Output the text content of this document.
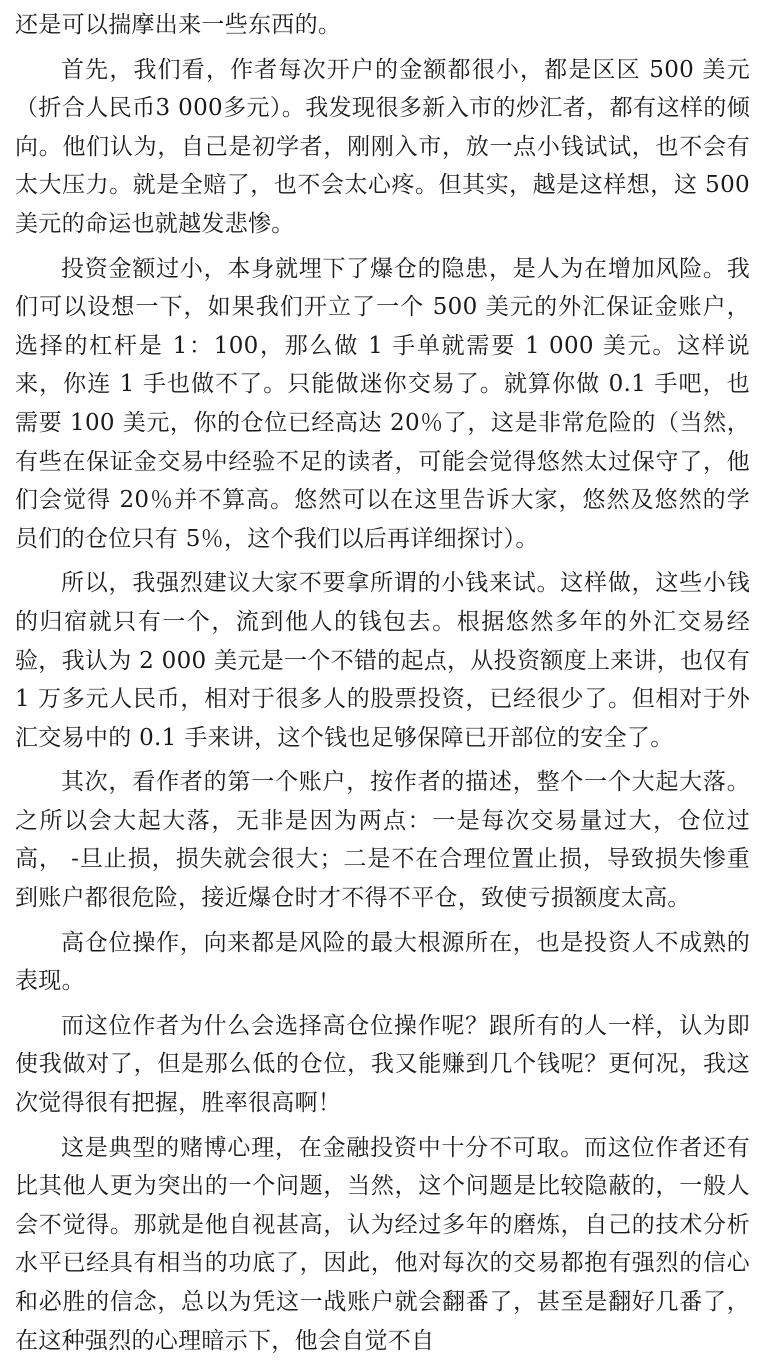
还是可以揣摩出来一些东西的。

首先，我们看，作者每次开户的金额都很小，都是区区 500 美元（折合人民币3 000多元）。我发现很多新入市的炒汇者，都有这样的倾向。他们认为，自己是初学者，刚刚入市，放一点小钱试试，也不会有太大压力。就是全赔了，也不会太心疼。但其实，越是这样想，这 500 美元的命运也就越发悲惨。

投资金额过小，本身就埋下了爆仓的隐患，是人为在增加风险。我们可以设想一下，如果我们开立了一个 500 美元的外汇保证金账户，选择的杠杆是 1：100，那么做 1 手单就需要 1 000 美元。这样说来，你连 1 手也做不了。只能做迷你交易了。就算你做 0.1 手吧，也需要 100 美元，你的仓位已经高达 20％了，这是非常危险的（当然，有些在保证金交易中经验不足的读者，可能会觉得悠然太过保守了，他们会觉得 20％并不算高。悠然可以在这里告诉大家，悠然及悠然的学员们的仓位只有 5％，这个我们以后再详细探讨）。

所以，我强烈建议大家不要拿所谓的小钱来试。这样做，这些小钱的归宿就只有一个，流到他人的钱包去。根据悠然多年的外汇交易经验，我认为 2 000 美元是一个不错的起点，从投资额度上来讲，也仅有 1 万多元人民币，相对于很多人的股票投资，已经很少了。但相对于外汇交易中的 0.1 手来讲，这个钱也足够保障已开部位的安全了。

其次，看作者的第一个账户，按作者的描述，整个一个大起大落。之所以会大起大落，无非是因为两点：一是每次交易量过大，仓位过高， -旦止损，损失就会很大；二是不在合理位置止损，导致损失惨重到账户都很危险，接近爆仓时才不得不平仓，致使亏损额度太高。

高仓位操作，向来都是风险的最大根源所在，也是投资人不成熟的表现。

而这位作者为什么会选择高仓位操作呢？跟所有的人一样，认为即使我做对了，但是那么低的仓位，我又能赚到几个钱呢？更何况，我这次觉得很有把握，胜率很高啊！

这是典型的赌博心理，在金融投资中十分不可取。而这位作者还有比其他人更为突出的一个问题，当然，这个问题是比较隐蔽的，一般人会不觉得。那就是他自视甚高，认为经过多年的磨炼，自己的技术分析水平已经具有相当的功底了，因此，他对每次的交易都抱有强烈的信心和必胜的信念，总以为凭这一战账户就会翻番了，甚至是翻好几番了，在这种强烈的心理暗示下，他会自觉不自
